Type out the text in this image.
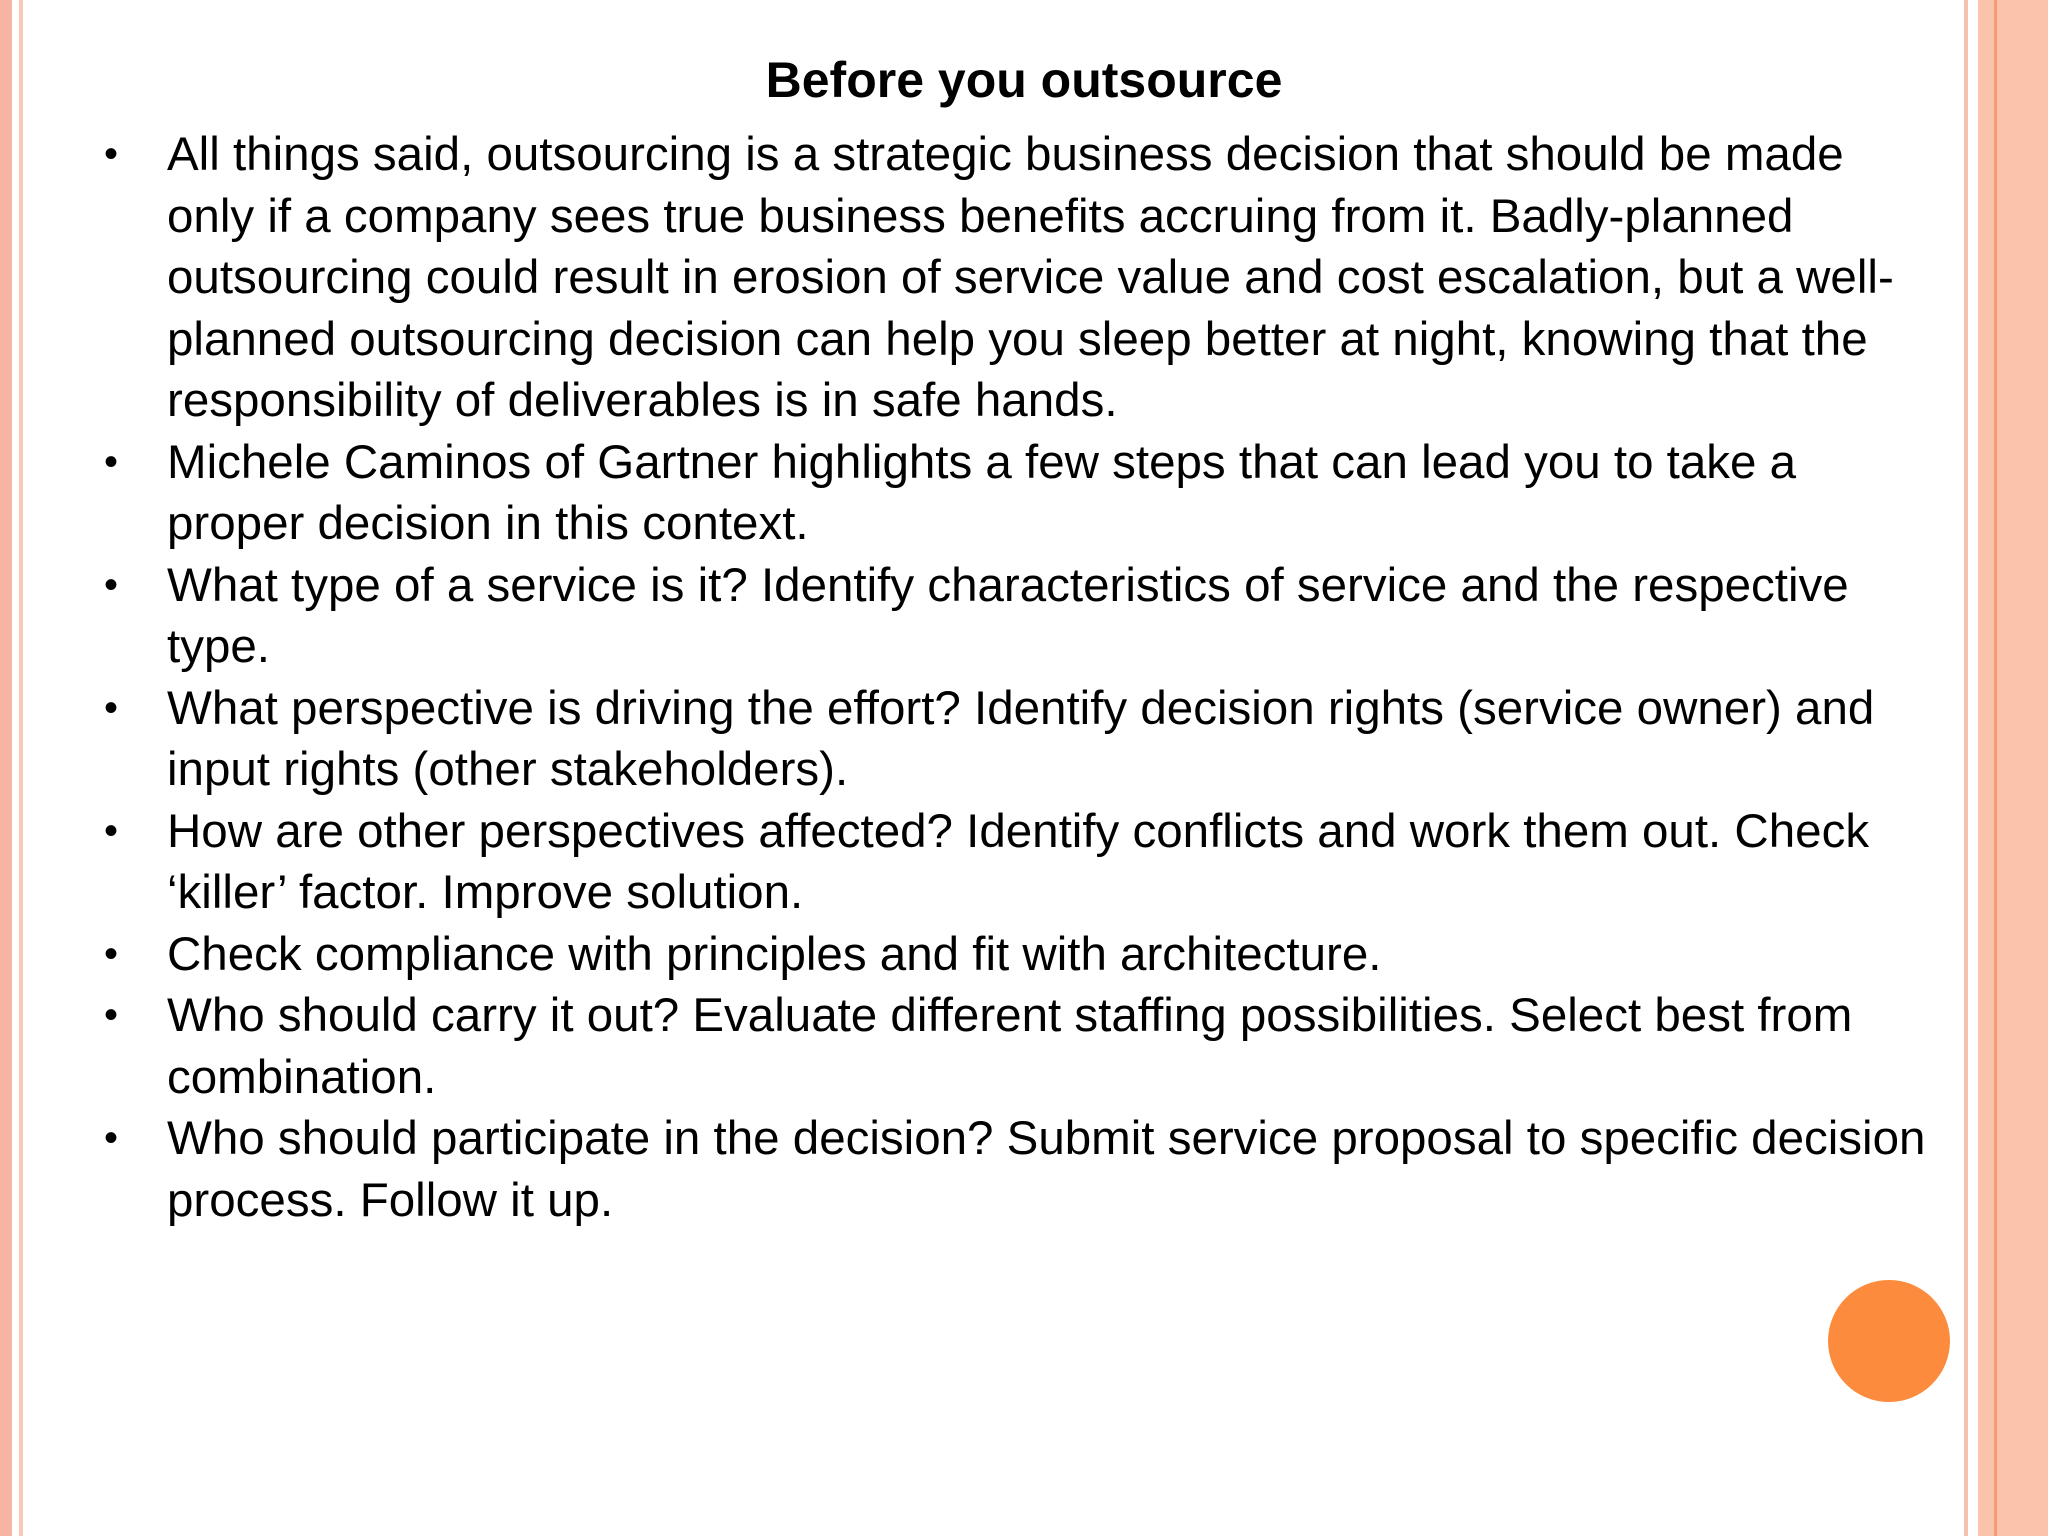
Before you outsource
• All things said, outsourcing is a strategic business decision that should be made only if a company sees true business benefits accruing from it. Badly-planned outsourcing could result in erosion of service value and cost escalation, but a well-planned outsourcing decision can help you sleep better at night, knowing that the responsibility of deliverables is in safe hands.
• Michele Caminos of Gartner highlights a few steps that can lead you to take a proper decision in this context.
• What type of a service is it? Identify characteristics of service and the respective type.
• What perspective is driving the effort? Identify decision rights (service owner) and input rights (other stakeholders).
• How are other perspectives affected? Identify conflicts and work them out. Check ‘killer’ factor. Improve solution.
• Check compliance with principles and fit with architecture.
• Who should carry it out? Evaluate different staffing possibilities. Select best from combination.
• Who should participate in the decision? Submit service proposal to specific decision process. Follow it up.
